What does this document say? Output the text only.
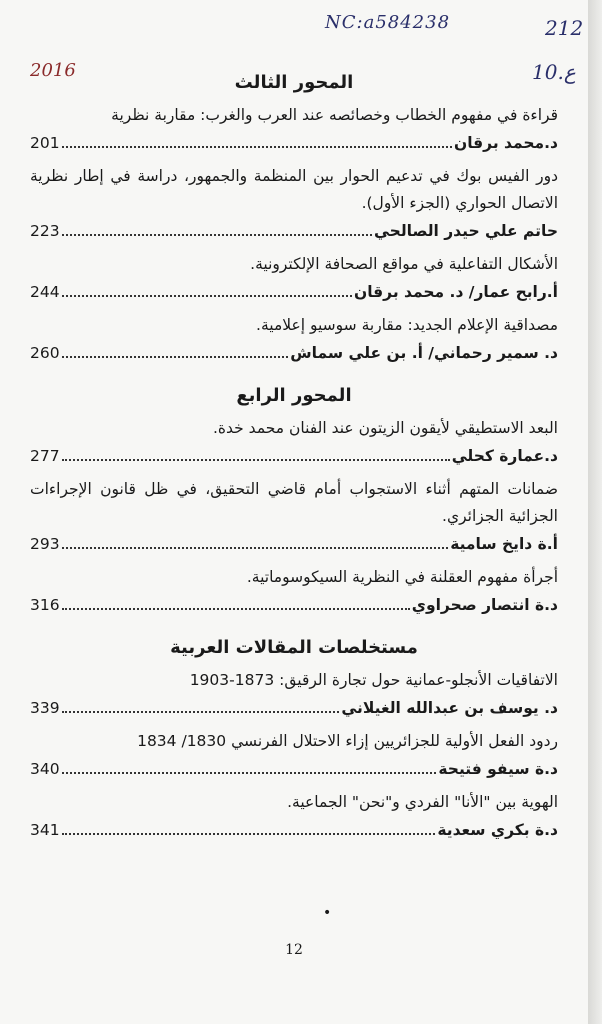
NC:a584238	212
2016	10.ع
المحور الثالث
قراءة في مفهوم الخطاب وخصائصه عند العرب والغرب: مقاربة نظرية
د.محمد برقان
201
دور الفيس بوك في تدعيم الحوار بين المنظمة والجمهور، دراسة في إطار نظرية الاتصال الحواري (الجزء الأول).
حاتم علي حيدر الصالحي
223
الأشكال التفاعلية في مواقع الصحافة الإلكترونية.
أ.رابح عمار/ د. محمد برقان
244
مصداقية الإعلام الجديد: مقاربة سوسيو إعلامية.
د. سمير رحماني/ أ. بن علي سماش
260
المحور الرابع
البعد الاستطيقي لأيقون الزيتون عند الفنان محمد خدة.
د.عمارة كحلي
277
ضمانات المتهم أثناء الاستجواب أمام قاضي التحقيق، في ظل قانون الإجراءات الجزائية الجزائري.
أ.ة دايخ سامية
293
أجرأة مفهوم العقلنة في النظرية السيكوسوماتية.
د.ة انتصار صحراوي
316
مستخلصات المقالات العربية
الاتفاقيات الأنجلو-عمانية حول تجارة الرقيق: 1873-1903
د. يوسف بن عبدالله الغيلاني
339
ردود الفعل الأولية للجزائريين إزاء الاحتلال الفرنسي 1830/ 1834
د.ة سيفو فتيحة
340
الهوية بين "الأنا" الفردي و"نحن" الجماعية.
د.ة بكري سعدية
341
•
12
